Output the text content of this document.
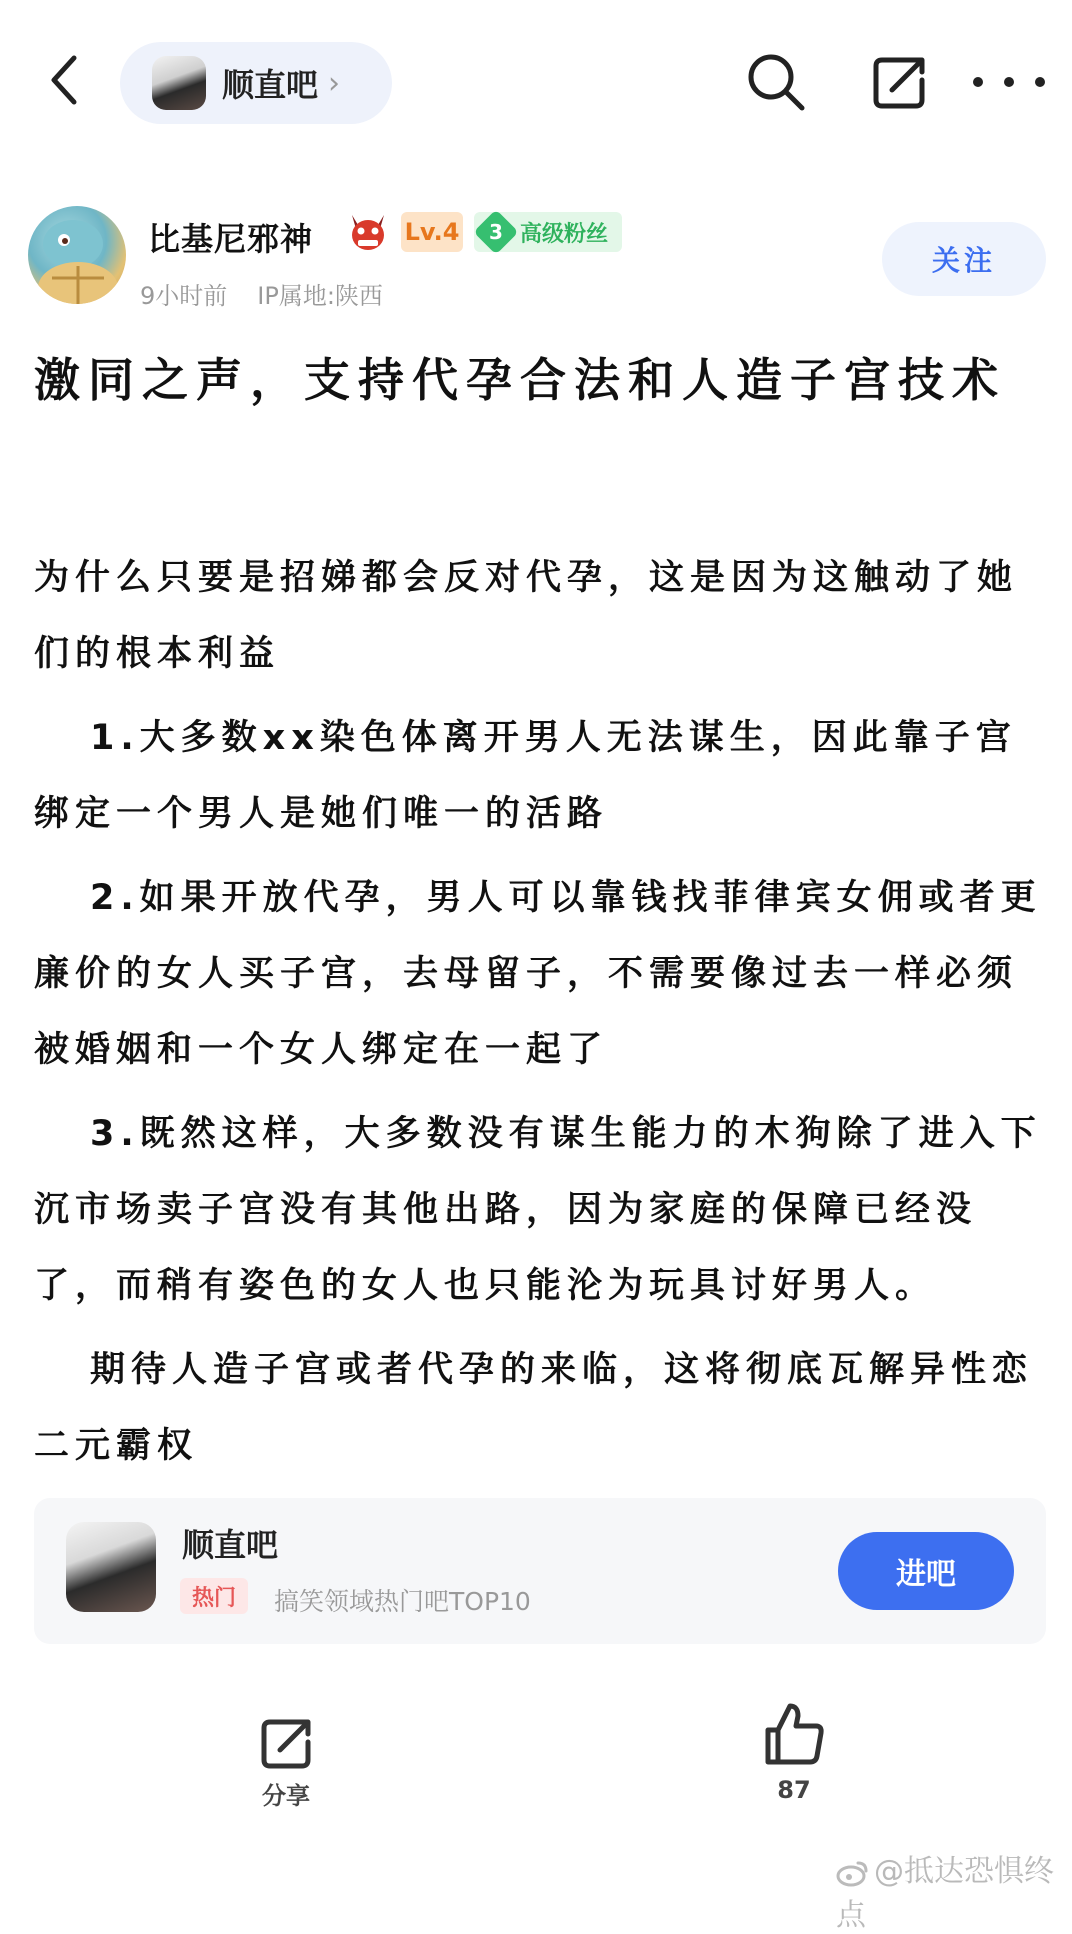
顺直吧 ›
比基尼邪神	Lv.4 3 高级粉丝
9小时前 IP属地:陕西
关注
激同之声，支持代孕合法和人造子宫技术

为什么只要是招娣都会反对代孕，这是因为这触动了她们的根本利益

1.大多数xx染色体离开男人无法谋生，因此靠子宫绑定一个男人是她们唯一的活路

2.如果开放代孕，男人可以靠钱找菲律宾女佣或者更廉价的女人买子宫，去母留子，不需要像过去一样必须被婚姻和一个女人绑定在一起了

3.既然这样，大多数没有谋生能力的木狗除了进入下沉市场卖子宫没有其他出路，因为家庭的保障已经没了，而稍有姿色的女人也只能沦为玩具讨好男人。

期待人造子宫或者代孕的来临，这将彻底瓦解异性恋二元霸权

顺直吧
热门	搞笑领域热门吧TOP10
进吧
分享	87
@抵达恐惧终点
